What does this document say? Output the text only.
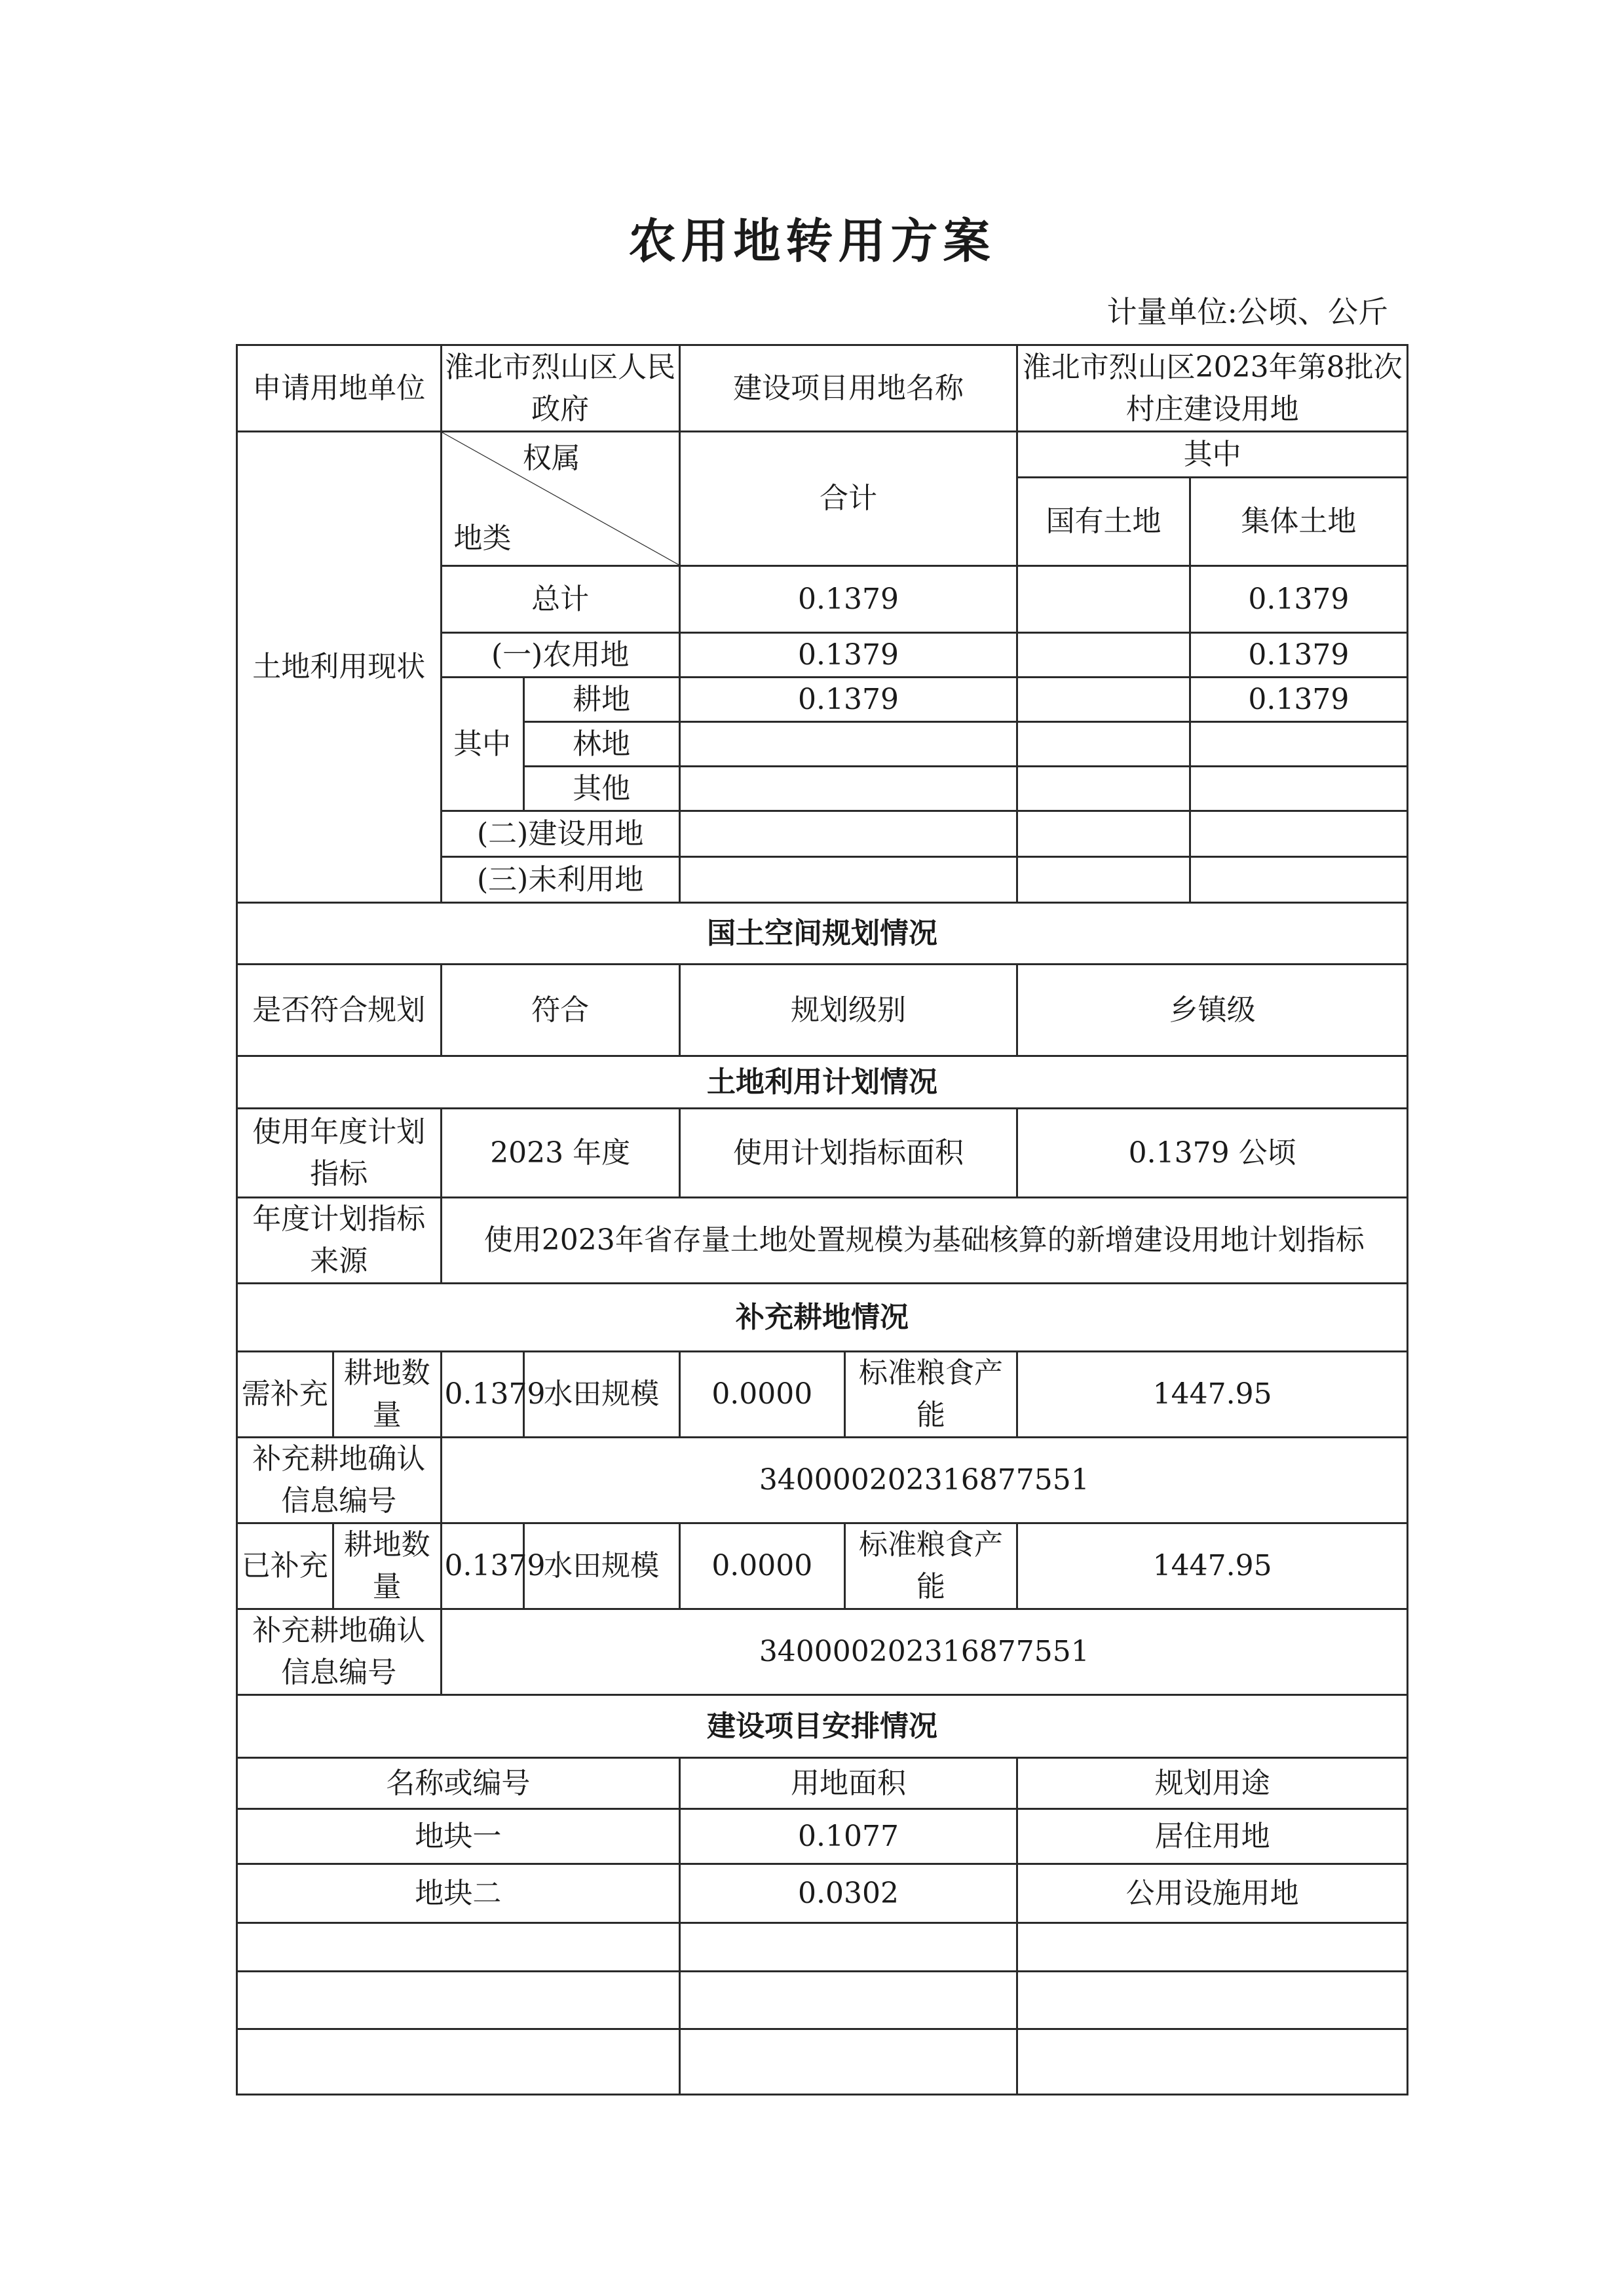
农用地转用方案
计量单位:公顷、公斤
申请用地单位		淮北市烈山区人民政府		建设项目用地名称		淮北市烈山区2023年第8批次村庄建设用地	
土地利用现状		权属
地类		合计		其中	
						国有土地	集体土地
		总计		0.1379			0.1379
		(一)农用地		0.1379			0.1379
		其中	耕地	0.1379			0.1379
			林地				
			其他				
		(二)建设用地					
		(三)未利用地					

国土空间规划情况							
是否符合规划		符合		规划级别		乡镇级	
土地利用计划情况							
使用年度计划指标		2023 年度		使用计划指标面积		0.1379 公顷	
年度计划指标来源		使用2023年省存量土地处置规模为基础核算的新增建设用地计划指标					
补充耕地情况							
需补充	耕地数量	0.1379	水田规模	0.0000	标准粮食产能	1447.95	
补充耕地确认信息编号		340000202316877551					
已补充	耕地数量	0.1379	水田规模	0.0000	标准粮食产能	1447.95	
补充耕地确认信息编号		340000202316877551					
建设项目安排情况							
名称或编号				用地面积		规划用途	
地块一				0.1077		居住用地	
地块二				0.0302		公用设施用地	
